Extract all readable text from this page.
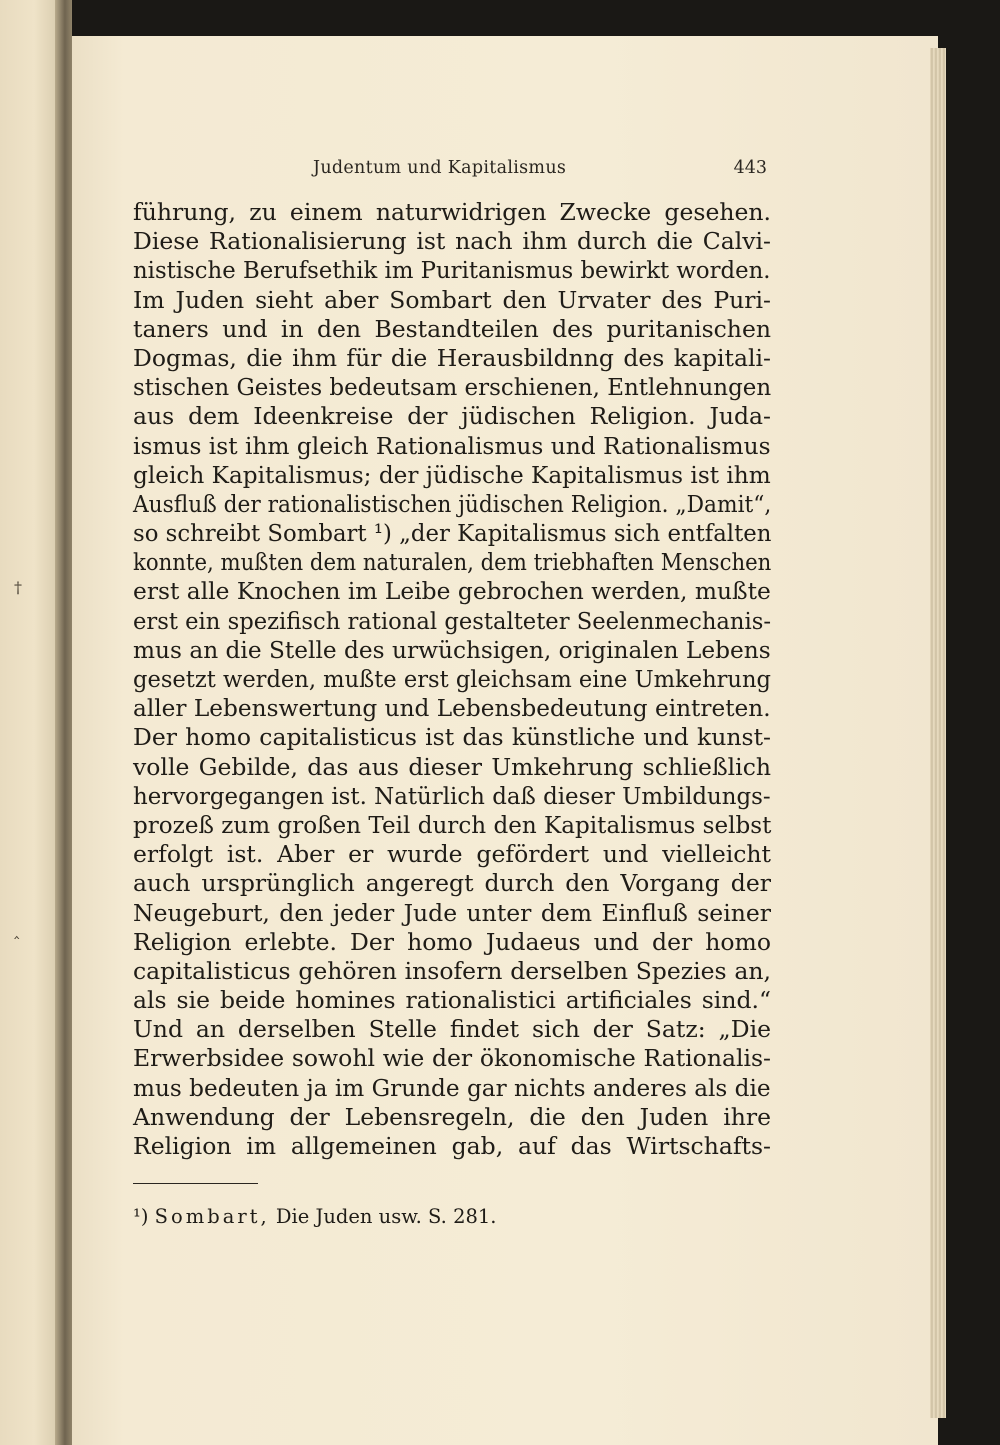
†
‸
Judentum und Kapitalismus	443
führung, zu einem naturwidrigen Zwecke gesehen.
Diese Rationalisierung ist nach ihm durch die Calvi-
nistische Berufsethik im Puritanismus bewirkt worden.
Im Juden sieht aber Sombart den Urvater des Puri-
taners und in den Bestandteilen des puritanischen
Dogmas, die ihm für die Herausbildnng des kapitali-
stischen Geistes bedeutsam erschienen, Entlehnungen
aus dem Ideenkreise der jüdischen Religion. Juda-
ismus ist ihm gleich Rationalismus und Rationalismus
gleich Kapitalismus; der jüdische Kapitalismus ist ihm
Ausfluß der rationalistischen jüdischen Religion. „Damit“,
so schreibt Sombart ¹) „der Kapitalismus sich entfalten
konnte, mußten dem naturalen, dem triebhaften Menschen
erst alle Knochen im Leibe gebrochen werden, mußte
erst ein spezifisch rational gestalteter Seelenmechanis-
mus an die Stelle des urwüchsigen, originalen Lebens
gesetzt werden, mußte erst gleichsam eine Umkehrung
aller Lebenswertung und Lebensbedeutung eintreten.
Der homo capitalisticus ist das künstliche und kunst-
volle Gebilde, das aus dieser Umkehrung schließlich
hervorgegangen ist. Natürlich daß dieser Umbildungs-
prozeß zum großen Teil durch den Kapitalismus selbst
erfolgt ist. Aber er wurde gefördert und vielleicht
auch ursprünglich angeregt durch den Vorgang der
Neugeburt, den jeder Jude unter dem Einfluß seiner
Religion erlebte. Der homo Judaeus und der homo
capitalisticus gehören insofern derselben Spezies an,
als sie beide homines rationalistici artificiales sind.“
Und an derselben Stelle findet sich der Satz: „Die
Erwerbsidee sowohl wie der ökonomische Rationalis-
mus bedeuten ja im Grunde gar nichts anderes als die
Anwendung der Lebensregeln, die den Juden ihre
Religion im allgemeinen gab, auf das Wirtschafts-
¹) Sombart, Die Juden usw. S. 281.
